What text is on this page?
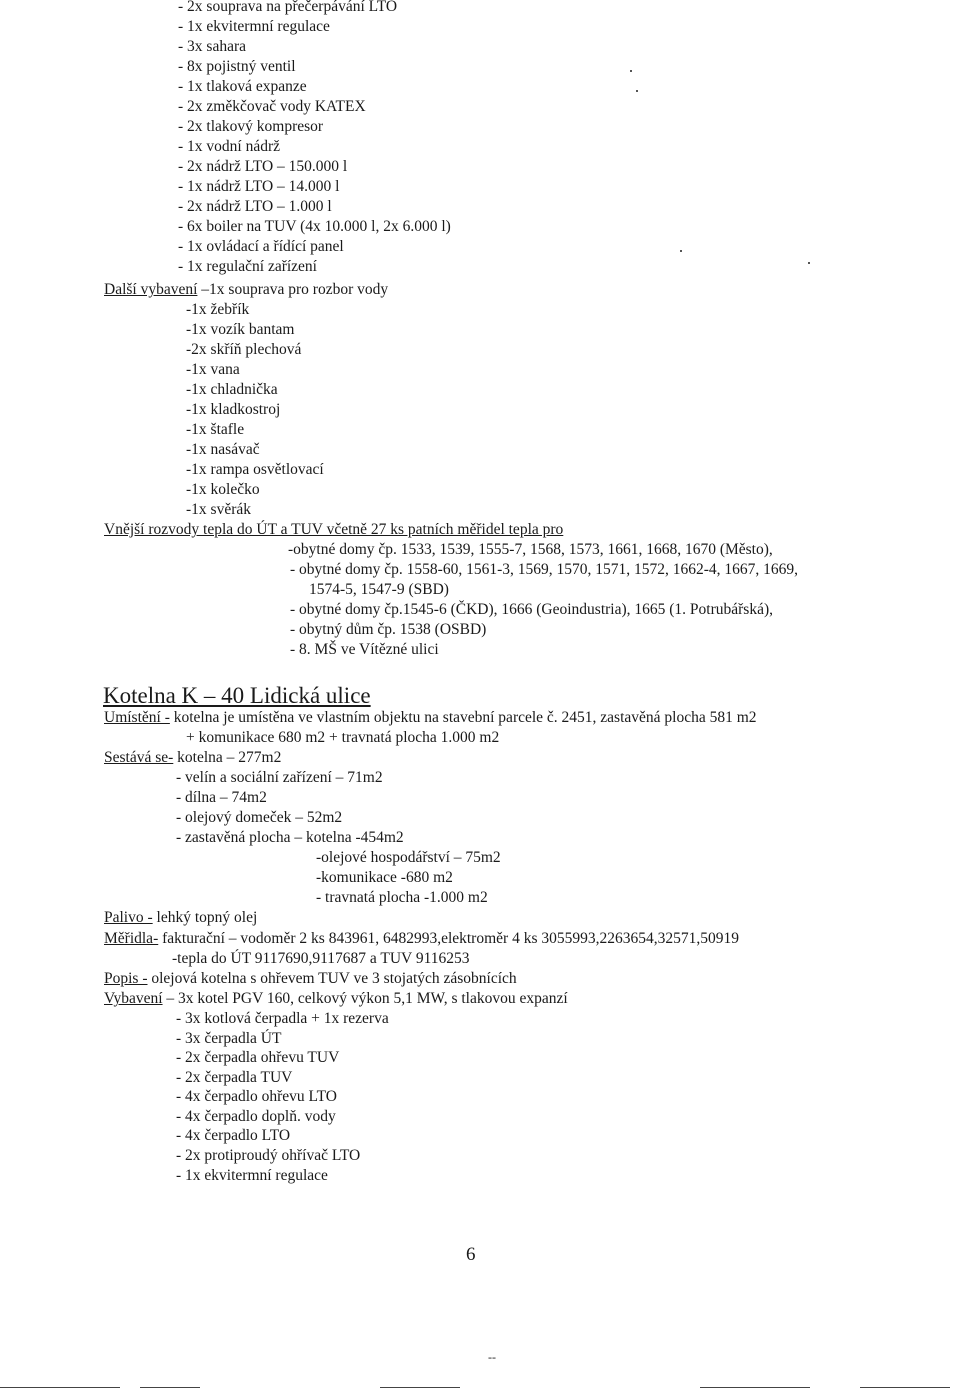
- 2x souprava na přečerpávání LTO
- 1x ekvitermní regulace
- 3x sahara
- 8x pojistný ventil
- 1x tlaková expanze
- 2x změkčovač vody KATEX
- 2x tlakový kompresor
- 1x vodní nádrž
- 2x nádrž LTO – 150.000 l
- 1x nádrž LTO – 14.000 l
- 2x nádrž LTO – 1.000 l
- 6x boiler na TUV (4x 10.000 l, 2x 6.000 l)
- 1x ovládací a řídící panel
- 1x regulační zařízení
Další vybavení –1x souprava pro rozbor vody
-1x žebřík
-1x vozík bantam
-2x skříň plechová
-1x vana
-1x chladnička
-1x kladkostroj
-1x štafle
-1x nasávač
-1x rampa osvětlovací
-1x kolečko
-1x svěrák
Vnější rozvody tepla do ÚT a TUV včetně 27 ks patních měřidel tepla pro
-obytné domy čp. 1533, 1539, 1555-7, 1568, 1573, 1661, 1668, 1670 (Město),
- obytné domy čp. 1558-60, 1561-3, 1569, 1570, 1571, 1572, 1662-4, 1667, 1669,
1574-5, 1547-9 (SBD)
- obytné domy čp.1545-6 (ČKD), 1666 (Geoindustria), 1665 (1. Potrubářská),
- obytný dům čp. 1538 (OSBD)
- 8. MŠ ve Vítězné ulici
Kotelna K – 40 Lidická ulice
Umístění - kotelna je umístěna ve vlastním objektu na stavební parcele č. 2451, zastavěná plocha 581 m2
+ komunikace 680 m2 + travnatá plocha 1.000 m2
Sestává se- kotelna – 277m2
- velín a sociální zařízení – 71m2
- dílna – 74m2
- olejový domeček – 52m2
- zastavěná plocha – kotelna -454m2
-olejové hospodářství – 75m2
-komunikace -680 m2
- travnatá plocha -1.000 m2
Palivo - lehký topný olej
Měřidla- fakturační – vodoměr 2 ks 843961, 6482993,elektroměr 4 ks 3055993,2263654,32571,50919
-tepla do ÚT 9117690,9117687 a TUV 9116253
Popis - olejová kotelna s ohřevem TUV ve 3 stojatých zásobnících
Vybavení – 3x kotel PGV 160, celkový výkon 5,1 MW, s tlakovou expanzí
- 3x kotlová čerpadla + 1x rezerva
- 3x čerpadla ÚT
- 2x čerpadla ohřevu TUV
- 2x čerpadla TUV
- 4x čerpadlo ohřevu LTO
- 4x čerpadlo doplň. vody
- 4x čerpadlo LTO
- 2x protiproudý ohřívač LTO
- 1x ekvitermní regulace
6
--
